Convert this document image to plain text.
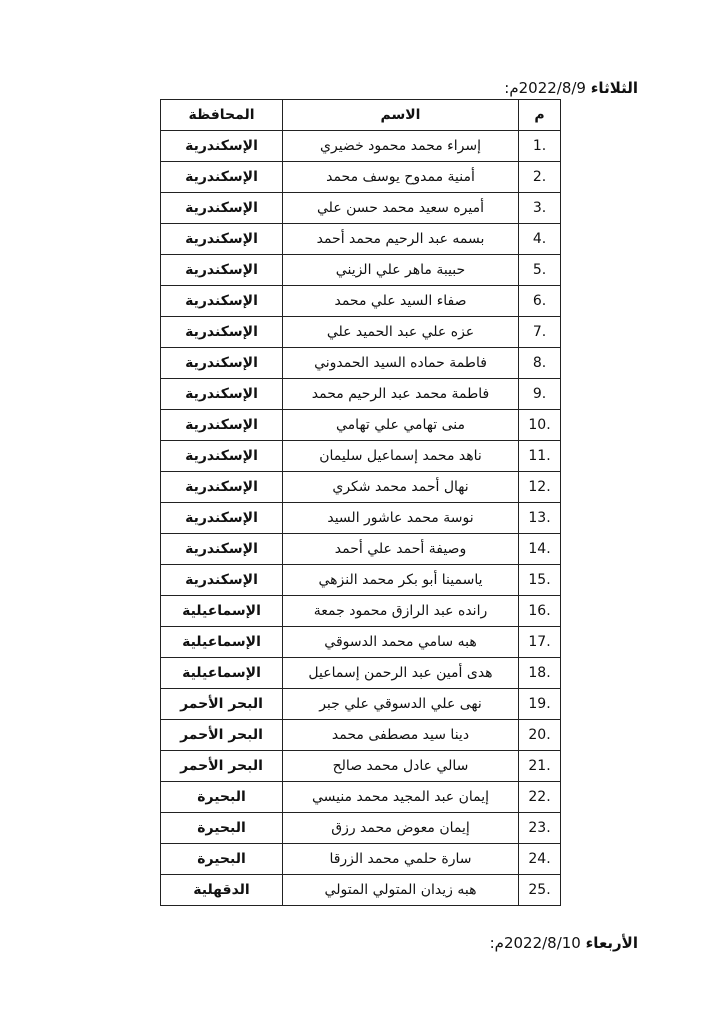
الثلاثاء 2022/8/9م:
م	الاسم	المحافظة
.1	إسراء محمد محمود خضيري	الإسكندرية
.2	أمنية ممدوح يوسف محمد	الإسكندرية
.3	أميره سعيد محمد حسن علي	الإسكندرية
.4	بسمه عبد الرحيم محمد أحمد	الإسكندرية
.5	حبيبة ماهر علي الزيني	الإسكندرية
.6	صفاء السيد علي محمد	الإسكندرية
.7	عزه علي عبد الحميد علي	الإسكندرية
.8	فاطمة حماده السيد الحمدوني	الإسكندرية
.9	فاطمة محمد عبد الرحيم محمد	الإسكندرية
.10	منى تهامي علي تهامي	الإسكندرية
.11	ناهد محمد إسماعيل سليمان	الإسكندرية
.12	نهال أحمد محمد شكري	الإسكندرية
.13	نوسة محمد عاشور السيد	الإسكندرية
.14	وصيفة أحمد علي أحمد	الإسكندرية
.15	ياسمينا أبو بكر محمد النزهي	الإسكندرية
.16	رانده عبد الرازق محمود جمعة	الإسماعيلية
.17	هبه سامي محمد الدسوقي	الإسماعيلية
.18	هدى أمين عبد الرحمن إسماعيل	الإسماعيلية
.19	نهى علي الدسوقي علي جبر	البحر الأحمر
.20	دينا سيد مصطفى محمد	البحر الأحمر
.21	سالي عادل محمد صالح	البحر الأحمر
.22	إيمان عبد المجيد محمد منيسي	البحيرة
.23	إيمان معوض محمد رزق	البحيرة
.24	سارة حلمي محمد الزرقا	البحيرة
.25	هبه زيدان المتولي المتولي	الدقهلية
الأربعاء 2022/8/10م:
